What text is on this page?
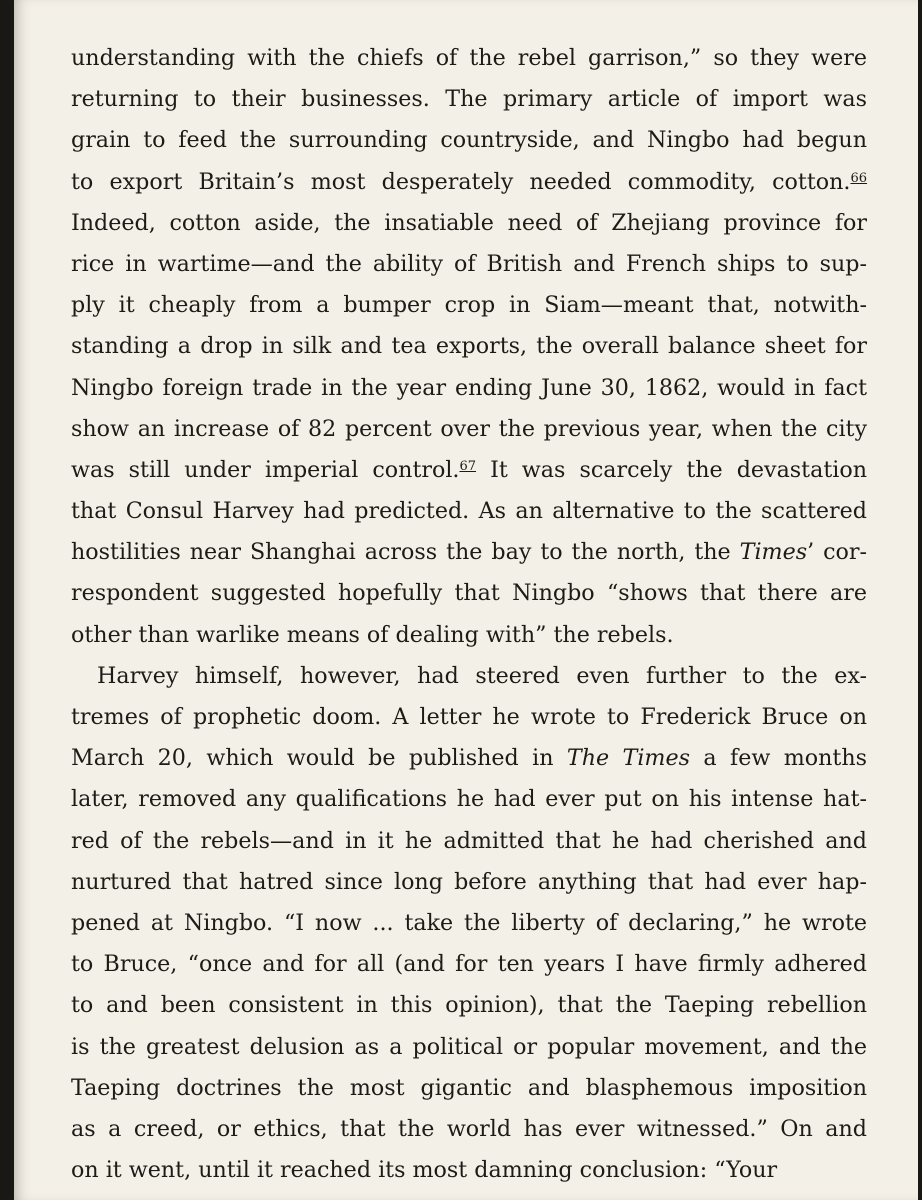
understanding with the chiefs of the rebel garrison,” so they were
returning to their businesses. The primary article of import was
grain to feed the surrounding countryside, and Ningbo had begun
to export Britain’s most desperately needed commodity, cotton.$^{66}$
Indeed, cotton aside, the insatiable need of Zhejiang province for
rice in wartime—and the ability of British and French ships to sup-
ply it cheaply from a bumper crop in Siam—meant that, notwith-
standing a drop in silk and tea exports, the overall balance sheet for
Ningbo foreign trade in the year ending June 30, 1862, would in fact
show an increase of 82 percent over the previous year, when the city
was still under imperial control.$^{67}$ It was scarcely the devastation
that Consul Harvey had predicted. As an alternative to the scattered
hostilities near Shanghai across the bay to the north, the Times’ cor-
respondent suggested hopefully that Ningbo “shows that there are
other than warlike means of dealing with” the rebels.
Harvey himself, however, had steered even further to the ex-
tremes of prophetic doom. A letter he wrote to Frederick Bruce on
March 20, which would be published in The Times a few months
later, removed any qualifications he had ever put on his intense hat-
red of the rebels—and in it he admitted that he had cherished and
nurtured that hatred since long before anything that had ever hap-
pened at Ningbo. “I now ... take the liberty of declaring,” he wrote
to Bruce, “once and for all (and for ten years I have firmly adhered
to and been consistent in this opinion), that the Taeping rebellion
is the greatest delusion as a political or popular movement, and the
Taeping doctrines the most gigantic and blasphemous imposition
as a creed, or ethics, that the world has ever witnessed.” On and
on it went, until it reached its most damning conclusion: “Your
